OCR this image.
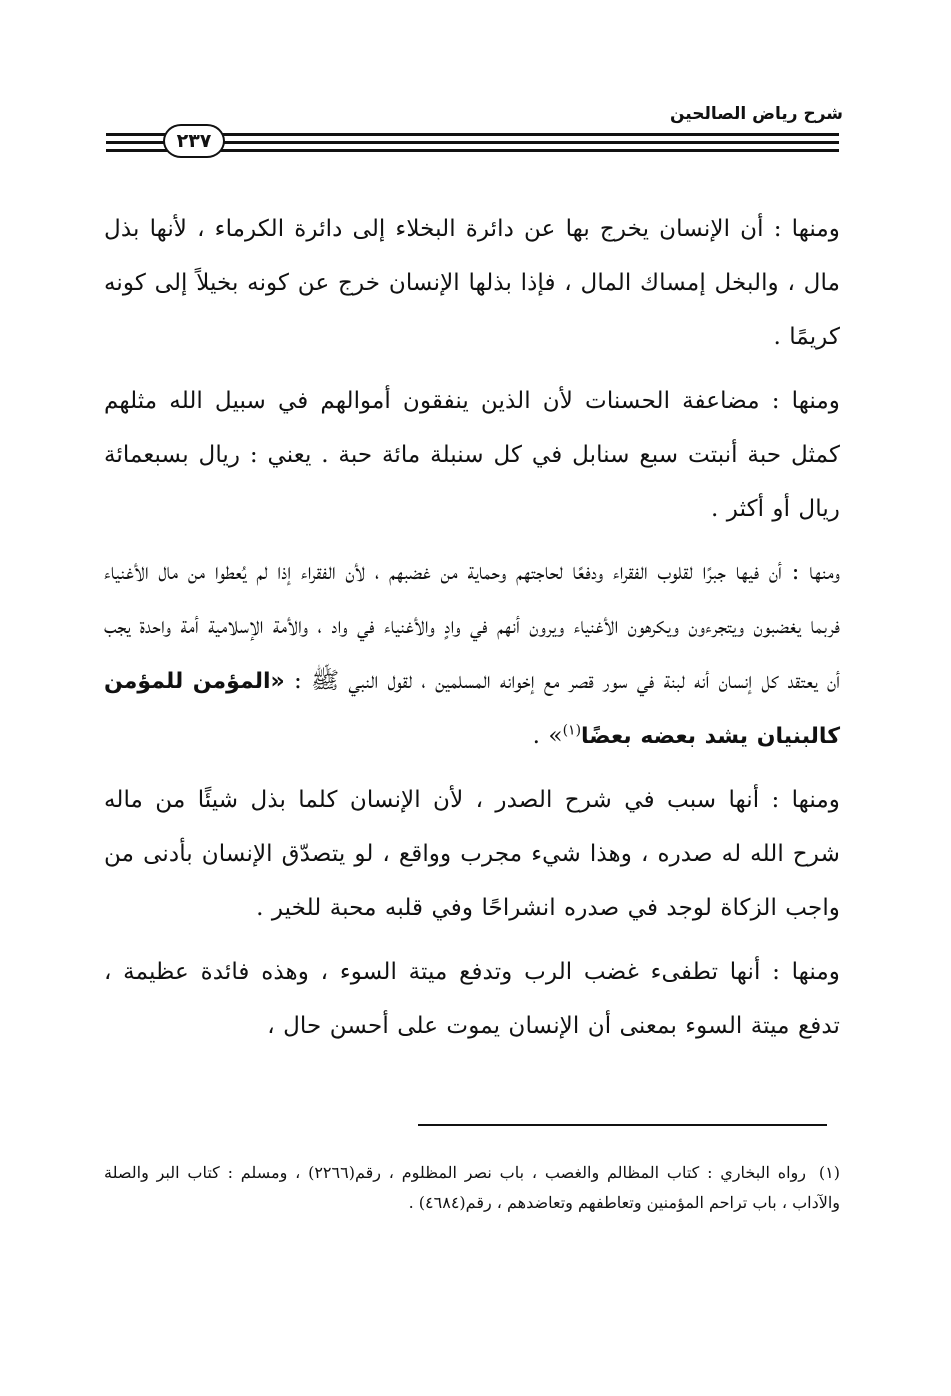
شرح رياض الصالحين
٢٣٧

ومنها : أن الإنسان يخرج بها عن دائرة البخلاء إلى دائرة الكرماء ، لأنها بذل مال ، والبخل إمساك المال ، فإذا بذلها الإنسان خرج عن كونه بخيلاً إلى كونه كريمًا .

ومنها : مضاعفة الحسنات لأن الذين ينفقون أموالهم في سبيل الله مثلهم كمثل حبة أنبتت سبع سنابل في كل سنبلة مائة حبة . يعني : ريال بسبعمائة ريال أو أكثر .

ومنها : أن فيها جبرًا لقلوب الفقراء ودفعًا لحاجتهم وحماية من غضبهم ، لأن الفقراء إذا لم يُعطوا من مال الأغنياء فربما يغضبون ويتجرءون ويكرهون الأغنياء ويرون أنهم في وادٍ والأغنياء في واد ، والأمة الإسلامية أمة واحدة يجب أن يعتقد كل إنسان أنه لبنة في سور قصر مع إخوانه المسلمين ، لقول النبي ﷺ : «المؤمن للمؤمن كالبنيان يشد بعضه بعضًا$^{(١)}$» .

ومنها : أنها سبب في شرح الصدر ، لأن الإنسان كلما بذل شيئًا من ماله شرح الله له صدره ، وهذا شيء مجرب وواقع ، لو يتصدّق الإنسان بأدنى من واجب الزكاة لوجد في صدره انشراحًا وفي قلبه محبة للخير .

ومنها : أنها تطفىء غضب الرب وتدفع ميتة السوء ، وهذه فائدة عظيمة ، تدفع ميتة السوء بمعنى أن الإنسان يموت على أحسن حال ،

(١)رواه البخاري : كتاب المظالم والغصب ، باب نصر المظلوم ، رقم(٢٢٦٦) ، ومسلم : كتاب البر والصلة والآداب ، باب تراحم المؤمنين وتعاطفهم وتعاضدهم ، رقم(٤٦٨٤) .
